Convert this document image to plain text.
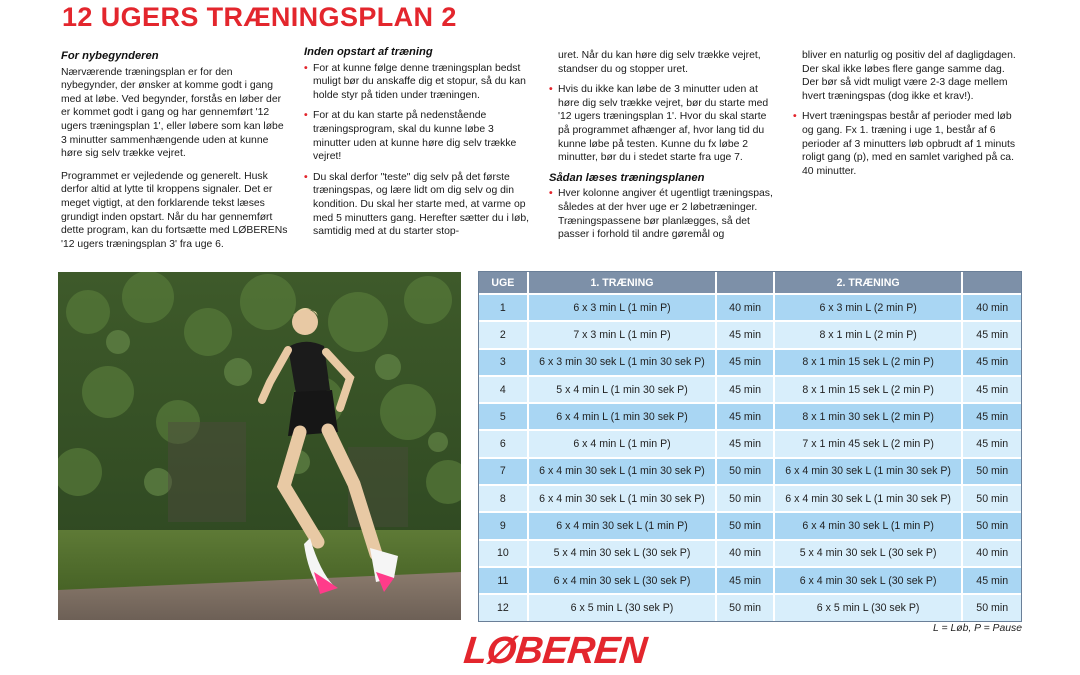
12 UGERS TRÆNINGSPLAN 2
For nybegynderen

Nærværende træningsplan er for den nybegynder, der ønsker at komme godt i gang med at løbe. Ved begynder, forstås en løber der er kommet godt i gang og har gennemført '12 ugers træningsplan 1', eller løbere som kan løbe 3 minutter sammenhængende uden at kunne høre sig selv trække vejret.

Programmet er vejledende og generelt. Husk derfor altid at lytte til kroppens signaler. Det er meget vigtigt, at den forklarende tekst læses grundigt inden opstart. Når du har gennemført dette program, kan du fortsætte med LØBERENs '12 ugers træningsplan 3' fra uge 6.

Inden opstart af træning
• For at kunne følge denne træningsplan bedst muligt bør du anskaffe dig et stopur, så du kan holde styr på tiden under træningen.
• For at du kan starte på nedenstående træningsprogram, skal du kunne løbe 3 minutter uden at kunne høre dig selv trække vejret!
• Du skal derfor "teste" dig selv på det første træningspas, og lære lidt om dig selv og din kondition. Du skal her starte med, at varme op med 5 minutters gang. Herefter sætter du i løb, samtidig med at du starter stop-
uret. Når du kan høre dig selv trække vejret, standser du og stopper uret.
• Hvis du ikke kan løbe de 3 minutter uden at høre dig selv trække vejret, bør du starte med '12 ugers træningsplan 1'. Hvor du skal starte på programmet afhænger af, hvor lang tid du kunne løbe på testen. Kunne du fx løbe 2 minutter, bør du i stedet starte fra uge 7.
Sådan læses træningsplanen
• Hver kolonne angiver ét ugentligt træningspas, således at der hver uge er 2 løbetræninger. Træningspassene bør planlægges, så det passer i forhold til andre gøremål og
bliver en naturlig og positiv del af dagligdagen. Der skal ikke løbes flere gange samme dag. Der bør så vidt muligt være 2-3 dage mellem hvert træningspas (dog ikke et krav!).
• Hvert træningspas består af perioder med løb og gang. Fx 1. træning i uge 1, består af 6 perioder af 3 minutters løb opbrudt af 1 minuts roligt gang (p), med en samlet varighed på ca. 40 minutter.
UGE	1. TRÆNING		2. TRÆNING	
1	6 x 3 min L (1 min P)	40 min	6 x 3 min L (2 min P)	40 min
2	7 x 3 min L (1 min P)	45 min	8 x 1 min L (2 min P)	45 min
3	6 x 3 min 30 sek L (1 min 30 sek P)	45 min	8 x 1 min 15 sek L (2 min P)	45 min
4	5 x 4 min L (1 min 30 sek P)	45 min	8 x 1 min 15 sek L (2 min P)	45 min
5	6 x 4 min L (1 min 30 sek P)	45 min	8 x 1 min 30 sek L (2 min P)	45 min
6	6 x 4 min L (1 min P)	45 min	7 x 1 min 45 sek L (2 min P)	45 min
7	6 x 4 min 30 sek L (1 min 30 sek P)	50 min	6 x 4 min 30 sek L (1 min 30 sek P)	50 min
8	6 x 4 min 30 sek L (1 min 30 sek P)	50 min	6 x 4 min 30 sek L (1 min 30 sek P)	50 min
9	6 x 4 min 30 sek L (1 min P)	50 min	6 x 4 min 30 sek L (1 min P)	50 min
10	5 x 4 min 30 sek L (30 sek P)	40 min	5 x 4 min 30 sek L (30 sek P)	40 min
11	6 x 4 min 30 sek L (30 sek P)	45 min	6 x 4 min 30 sek L (30 sek P)	45 min
12	6 x 5 min L (30 sek P)	50 min	6 x 5 min L (30 sek P)	50 min
L = Løb, P = Pause
LØBEREN
